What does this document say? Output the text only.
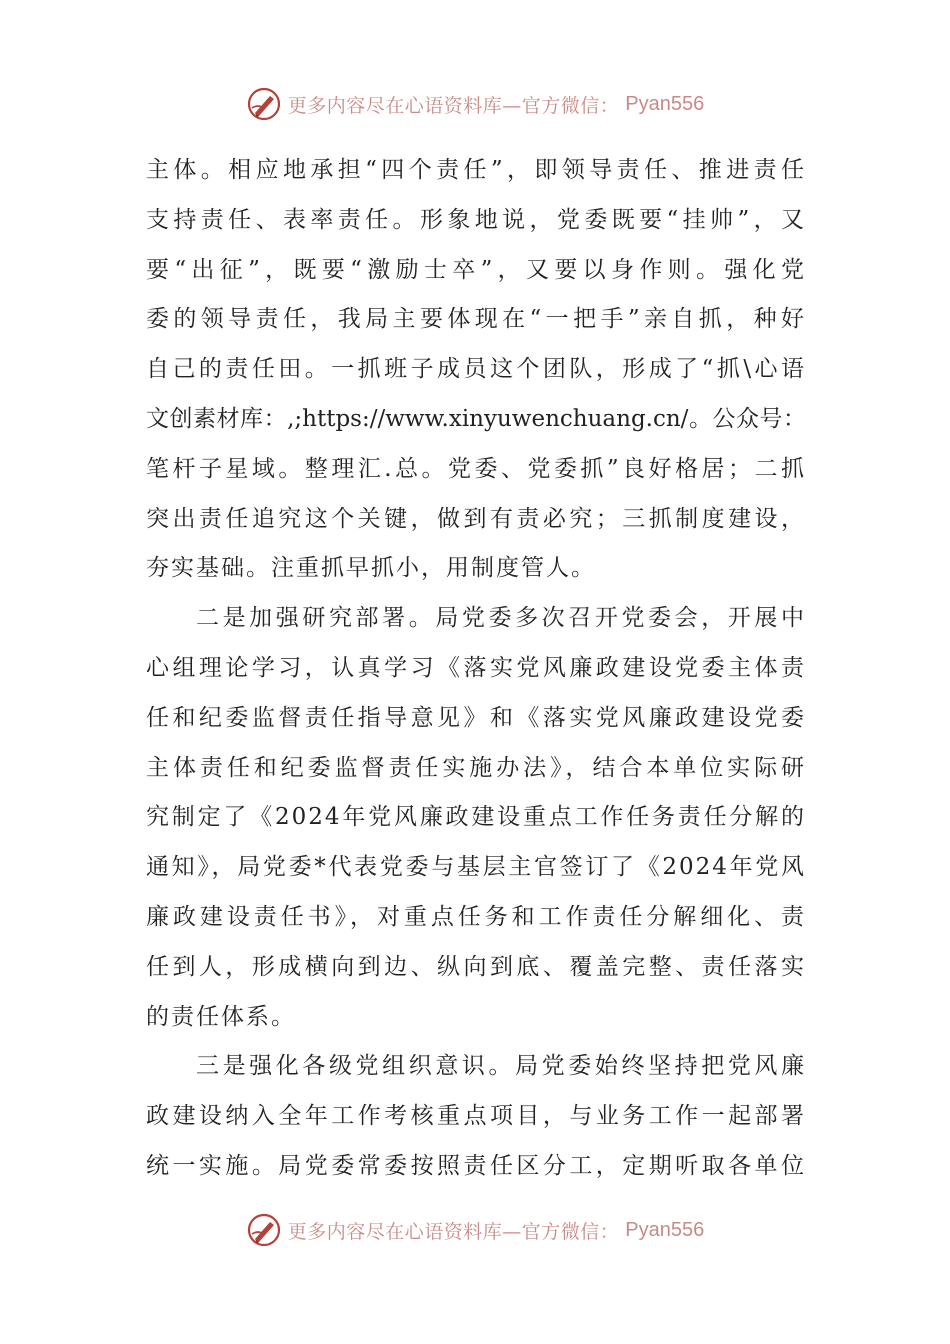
更多内容尽在心语资料库—官方微信： Pyan556
主体。相应地承担“四个责任”，即领导责任、推进责任
支持责任、表率责任。形象地说，党委既要“挂帅”，又
要“出征”，既要“激励士卒”，又要以身作则。强化党
委的领导责任，我局主要体现在“一把手”亲自抓，种好
自己的责任田。一抓班子成员这个团队，形成了“抓\心语
文创素材库：,;https://www.xinyuwenchuang.cn/。公众号：
笔杆子星域。整理汇.总。党委、党委抓”良好格居；二抓
突出责任追究这个关键，做到有责必究；三抓制度建设，
夯实基础。注重抓早抓小，用制度管人。
二是加强研究部署。局党委多次召开党委会，开展中
心组理论学习，认真学习《落实党风廉政建设党委主体责
任和纪委监督责任指导意见》和《落实党风廉政建设党委
主体责任和纪委监督责任实施办法》，结合本单位实际研
究制定了《2024年党风廉政建设重点工作任务责任分解的
通知》，局党委*代表党委与基层主官签订了《2024年党风
廉政建设责任书》，对重点任务和工作责任分解细化、责
任到人，形成横向到边、纵向到底、覆盖完整、责任落实
的责任体系。
三是强化各级党组织意识。局党委始终坚持把党风廉
政建设纳入全年工作考核重点项目，与业务工作一起部署
统一实施。局党委常委按照责任区分工，定期听取各单位
更多内容尽在心语资料库—官方微信： Pyan556
